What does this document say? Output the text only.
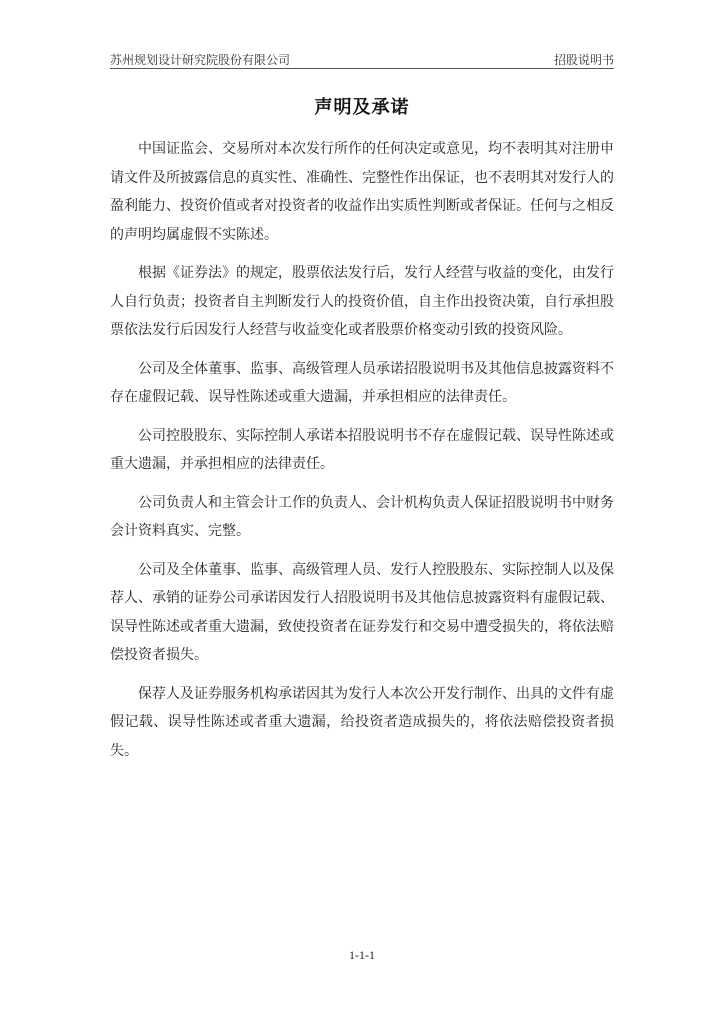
苏州规划设计研究院股份有限公司	招股说明书
声明及承诺

中国证监会、交易所对本次发行所作的任何决定或意见，均不表明其对注册申请文件及所披露信息的真实性、准确性、完整性作出保证，也不表明其对发行人的盈利能力、投资价值或者对投资者的收益作出实质性判断或者保证。任何与之相反的声明均属虚假不实陈述。

根据《证券法》的规定，股票依法发行后，发行人经营与收益的变化，由发行人自行负责；投资者自主判断发行人的投资价值，自主作出投资决策，自行承担股票依法发行后因发行人经营与收益变化或者股票价格变动引致的投资风险。

公司及全体董事、监事、高级管理人员承诺招股说明书及其他信息披露资料不存在虚假记载、误导性陈述或重大遗漏，并承担相应的法律责任。

公司控股股东、实际控制人承诺本招股说明书不存在虚假记载、误导性陈述或重大遗漏，并承担相应的法律责任。

公司负责人和主管会计工作的负责人、会计机构负责人保证招股说明书中财务会计资料真实、完整。

公司及全体董事、监事、高级管理人员、发行人控股股东、实际控制人以及保荐人、承销的证券公司承诺因发行人招股说明书及其他信息披露资料有虚假记载、误导性陈述或者重大遗漏，致使投资者在证券发行和交易中遭受损失的，将依法赔偿投资者损失。

保荐人及证券服务机构承诺因其为发行人本次公开发行制作、出具的文件有虚假记载、误导性陈述或者重大遗漏，给投资者造成损失的，将依法赔偿投资者损失。

1-1-1
